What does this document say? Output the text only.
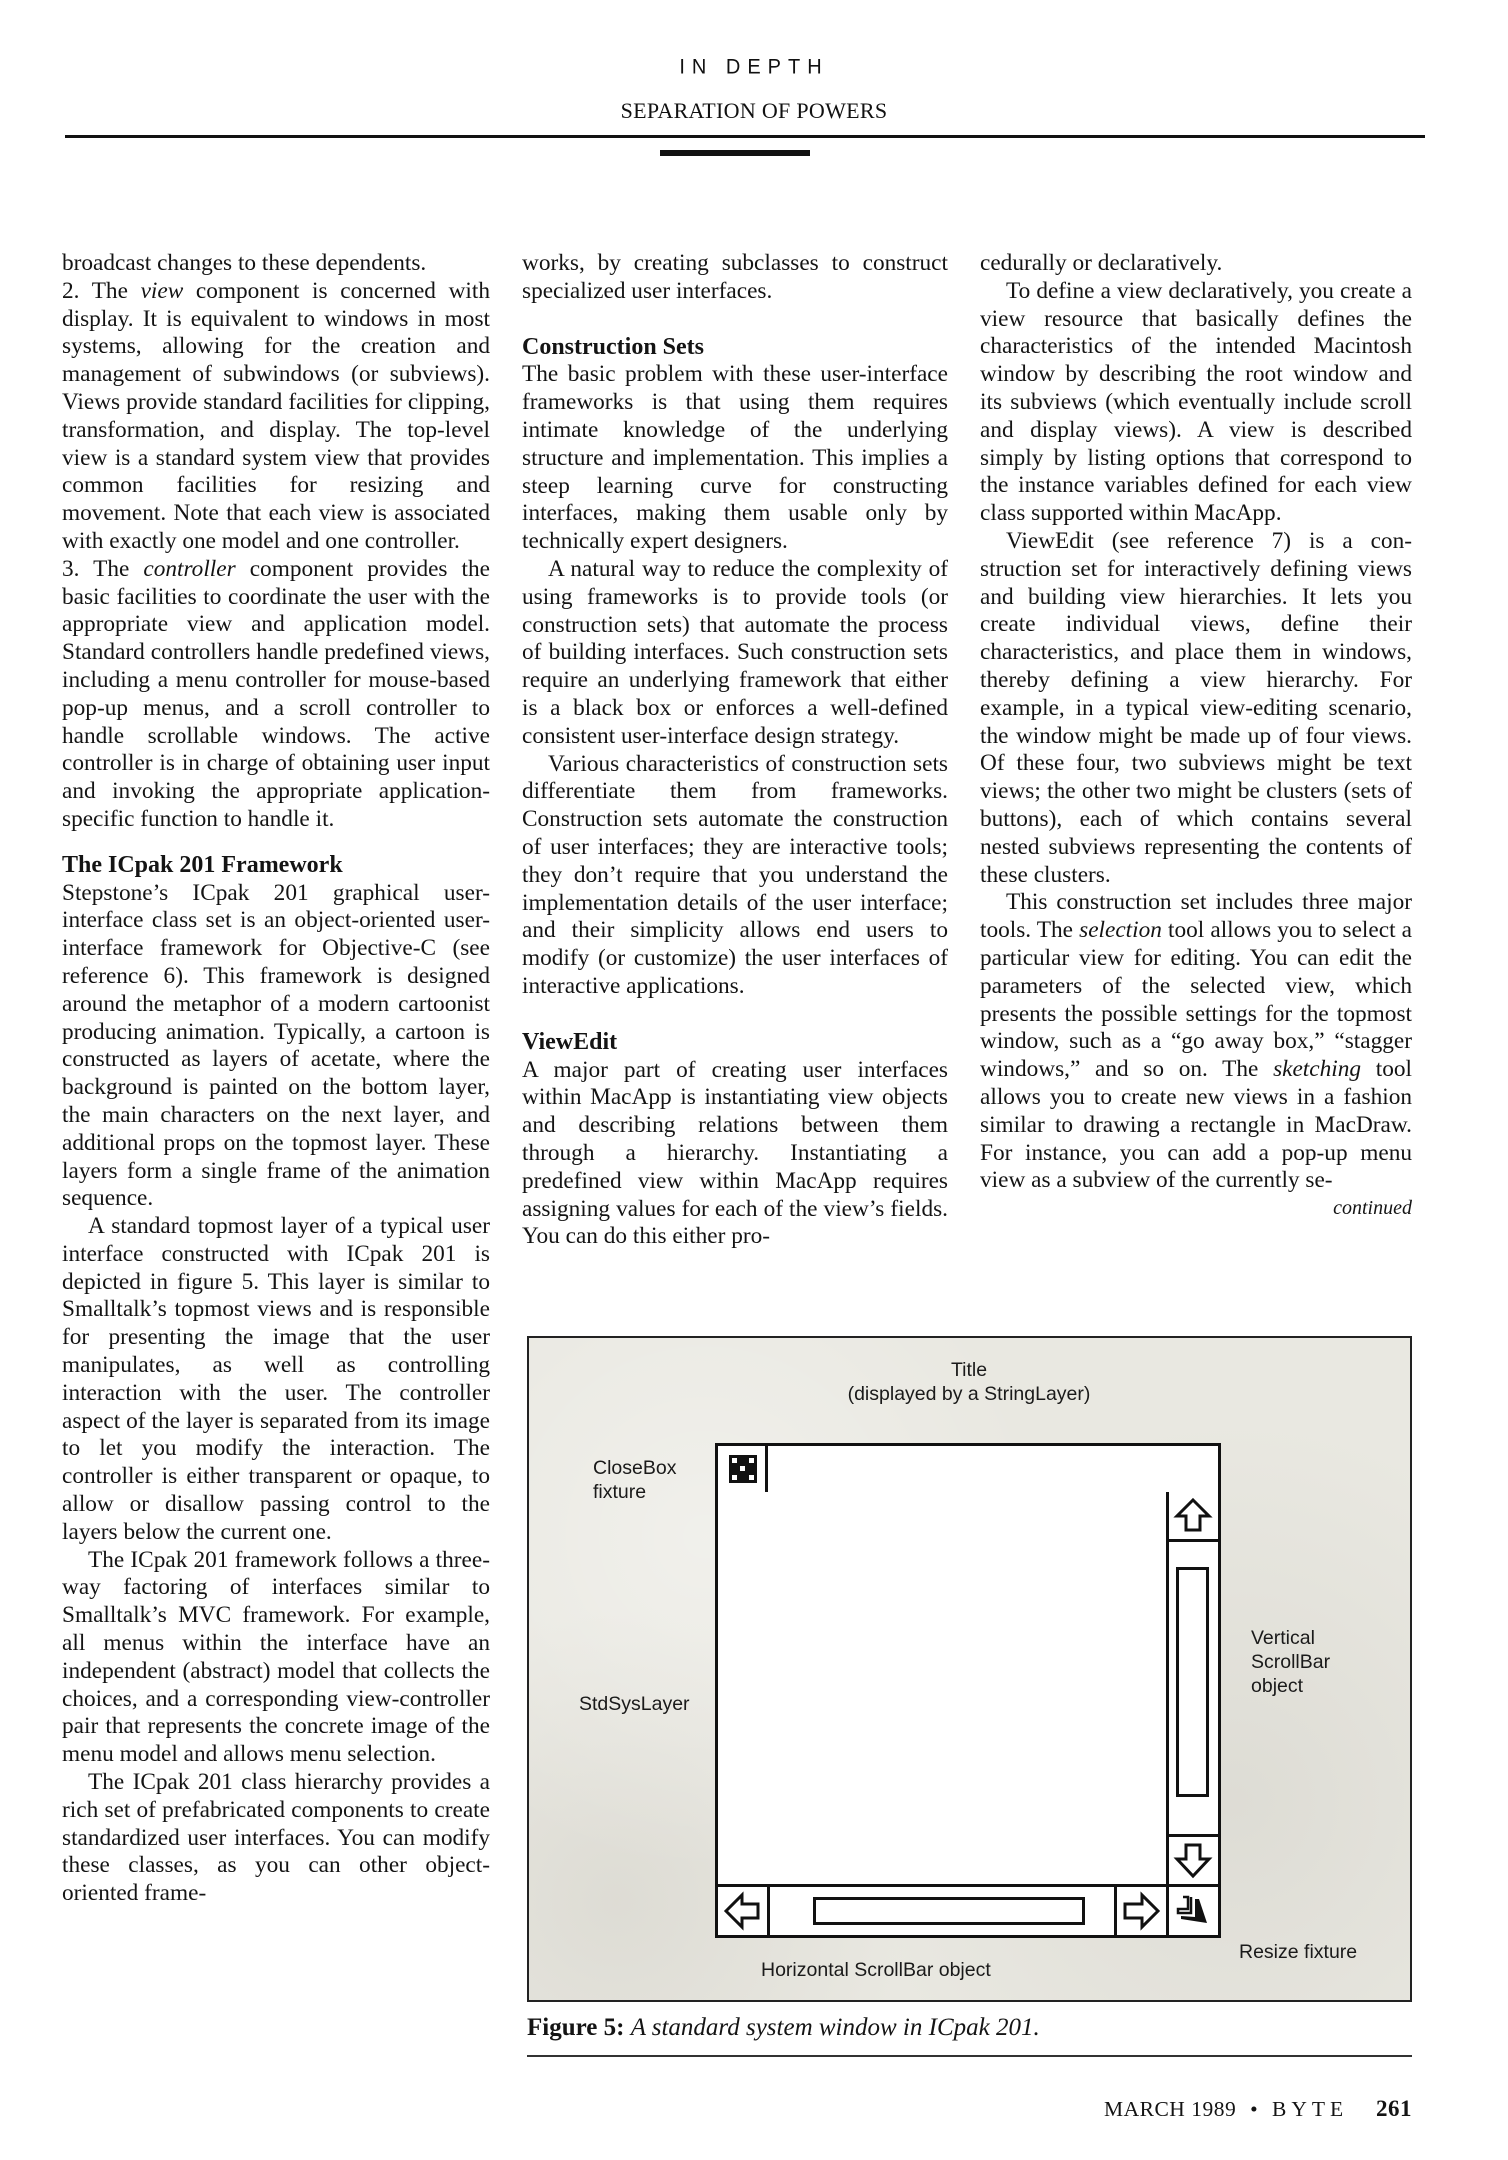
IN DEPTH
SEPARATION OF POWERS

broadcast changes to these dependents.

2. The view component is concerned with display. It is equivalent to windows in most systems, allowing for the creation and management of subwindows (or subviews). Views provide standard facilities for clipping, transformation, and display. The top-level view is a standard system view that provides common facilities for resizing and movement. Note that each view is associated with exactly one model and one controller.

3. The controller component provides the basic facilities to coordinate the user with the appropriate view and application model. Standard controllers handle predefined views, including a menu controller for mouse-based pop-up menus, and a scroll controller to handle scrollable windows. The active controller is in charge of obtaining user input and invoking the appropriate application-specific function to handle it.

The ICpak 201 Framework

Stepstone’s ICpak 201 graphical user-interface class set is an object-oriented user-interface framework for Objective-C (see reference 6). This framework is designed around the metaphor of a modern cartoonist producing animation. Typically, a cartoon is constructed as layers of acetate, where the background is painted on the bottom layer, the main characters on the next layer, and additional props on the topmost layer. These layers form a single frame of the animation sequence.

A standard topmost layer of a typical user interface constructed with ICpak 201 is depicted in figure 5. This layer is similar to Smalltalk’s topmost views and is responsible for presenting the image that the user manipulates, as well as controlling interaction with the user. The controller aspect of the layer is separated from its image to let you modify the interaction. The controller is either transparent or opaque, to allow or disallow passing control to the layers below the current one.

The ICpak 201 framework follows a three-way factoring of interfaces similar to Smalltalk’s MVC framework. For example, all menus within the interface have an independent (abstract) model that collects the choices, and a corresponding view-controller pair that represents the concrete image of the menu model and allows menu selection.

The ICpak 201 class hierarchy provides a rich set of prefabricated components to create standardized user interfaces. You can modify these classes, as you can other object-oriented frame-

works, by creating subclasses to construct specialized user interfaces.

Construction Sets

The basic problem with these user-interface frameworks is that using them requires intimate knowledge of the underlying structure and implementation. This implies a steep learning curve for constructing interfaces, making them usable only by technically expert designers.

A natural way to reduce the complexity of using frameworks is to provide tools (or construction sets) that automate the process of building interfaces. Such construction sets require an underlying framework that either is a black box or enforces a well-defined consistent user-interface design strategy.

Various characteristics of construction sets differentiate them from frameworks. Construction sets automate the construction of user interfaces; they are interactive tools; they don’t require that you understand the implementation details of the user interface; and their simplicity allows end users to modify (or customize) the user interfaces of interactive applications.

ViewEdit

A major part of creating user interfaces within MacApp is instantiating view objects and describing relations between them through a hierarchy. Instantiating a predefined view within MacApp requires assigning values for each of the view’s fields. You can do this either pro-

cedurally or declaratively.

To define a view declaratively, you create a view resource that basically defines the characteristics of the intended Macintosh window by describing the root window and its subviews (which eventually include scroll and display views). A view is described simply by listing options that correspond to the instance variables defined for each view class supported within MacApp.

ViewEdit (see reference 7) is a construction set for interactively defining views and building view hierarchies. It lets you create individual views, define their characteristics, and place them in windows, thereby defining a view hierarchy. For example, in a typical view-editing scenario, the window might be made up of four views. Of these four, two subviews might be text views; the other two might be clusters (sets of buttons), each of which contains several nested subviews representing the contents of these clusters.

This construction set includes three major tools. The selection tool allows you to select a particular view for editing. You can edit the parameters of the selected view, which presents the possible settings for the topmost window, such as a “go away box,” “stagger windows,” and so on. The sketching tool allows you to create new views in a fashion similar to drawing a rectangle in MacDraw. For instance, you can add a pop-up menu view as a subview of the currently se-

continued

Title
(displayed by a StringLayer)
CloseBox
fixture
StdSysLayer
Vertical
ScrollBar
object
Horizontal ScrollBar object
Resize fixture
Figure 5: A standard system window in ICpak 201.
MARCH 1989 • BYTE 261
